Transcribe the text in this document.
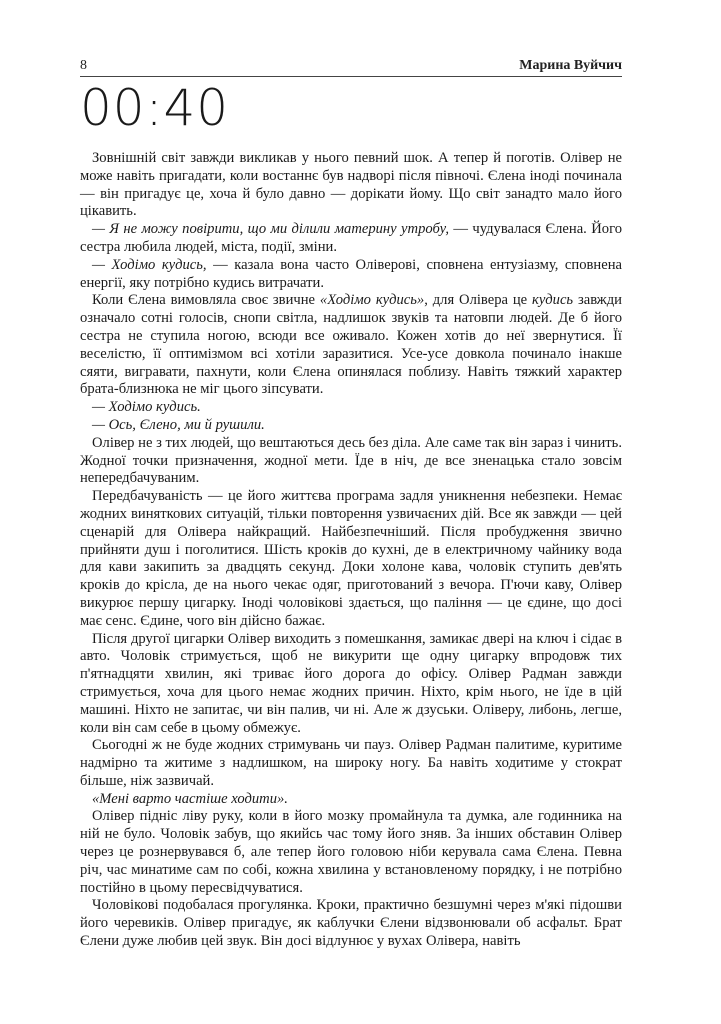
8	Марина Вуйчич
00:40

Зовнішній світ завжди викликав у нього певний шок. А тепер й поготів. Олівер не може навіть пригадати, коли востаннє був надворі після півночі. Єлена іноді починала — він пригадує це, хоча й було давно — дорікати йому. Що світ занадто мало його цікавить.

— Я не можу повірити, що ми ділили материну утробу, — чудувалася Єлена. Його сестра любила людей, міста, події, зміни.

— Ходімо кудись, — казала вона часто Оліверові, сповнена ентузіазму, сповнена енергії, яку потрібно кудись витрачати.

Коли Єлена вимовляла своє звичне «Ходімо кудись», для Олівера це кудись завжди означало сотні голосів, снопи світла, надлишок звуків та натовпи людей. Де б його сестра не ступила ногою, всюди все оживало. Кожен хотів до неї звернутися. Її веселістю, її оптимізмом всі хотіли заразитися. Усе-усе довкола починало інакше сяяти, вигравати, пахнути, коли Єлена опинялася поблизу. Навіть тяжкий характер брата-близнюка не міг цього зіпсувати.

— Ходімо кудись.

— Ось, Єлено, ми й рушили.

Олівер не з тих людей, що вештаються десь без діла. Але саме так він зараз і чинить. Жодної точки призначення, жодної мети. Їде в ніч, де все зненацька стало зовсім непередбачуваним.

Передбачуваність — це його життєва програма задля уникнення небезпеки. Немає жодних виняткових ситуацій, тільки повторення узвичаєних дій. Все як завжди — цей сценарій для Олівера найкращий. Найбезпечніший. Після пробудження звично прийняти душ і поголитися. Шість кроків до кухні, де в електричному чайнику вода для кави закипить за двадцять секунд. Доки холоне кава, чоловік ступить дев'ять кроків до крісла, де на нього чекає одяг, приготований з вечора. П'ючи каву, Олівер викурює першу цигарку. Іноді чоловікові здається, що паління — це єдине, що досі має сенс. Єдине, чого він дійсно бажає.

Після другої цигарки Олівер виходить з помешкання, замикає двері на ключ і сідає в авто. Чоловік стримується, щоб не викурити ще одну цигарку впродовж тих п'ятнадцяти хвилин, які триває його дорога до офісу. Олівер Радман завжди стримується, хоча для цього немає жодних причин. Ніхто, крім нього, не їде в цій машині. Ніхто не запитає, чи він палив, чи ні. Але ж дзуськи. Оліверу, либонь, легше, коли він сам себе в цьому обмежує.

Сьогодні ж не буде жодних стримувань чи пауз. Олівер Радман палитиме, куритиме надмірно та житиме з надлишком, на широку ногу. Ба навіть ходитиме у стократ більше, ніж зазвичай.

«Мені варто частіше ходити».

Олівер підніс ліву руку, коли в його мозку промайнула та думка, але годинника на ній не було. Чоловік забув, що якийсь час тому його зняв. За інших обставин Олівер через це рознервувався б, але тепер його головою ніби керувала сама Єлена. Певна річ, час минатиме сам по собі, кожна хвилина у встановленому порядку, і не потрібно постійно в цьому пересвідчуватися.

Чоловікові подобалася прогулянка. Кроки, практично безшумні через м'які підошви його черевиків. Олівер пригадує, як каблучки Єлени відзвонювали об асфальт. Брат Єлени дуже любив цей звук. Він досі відлунює у вухах Олівера, навіть
